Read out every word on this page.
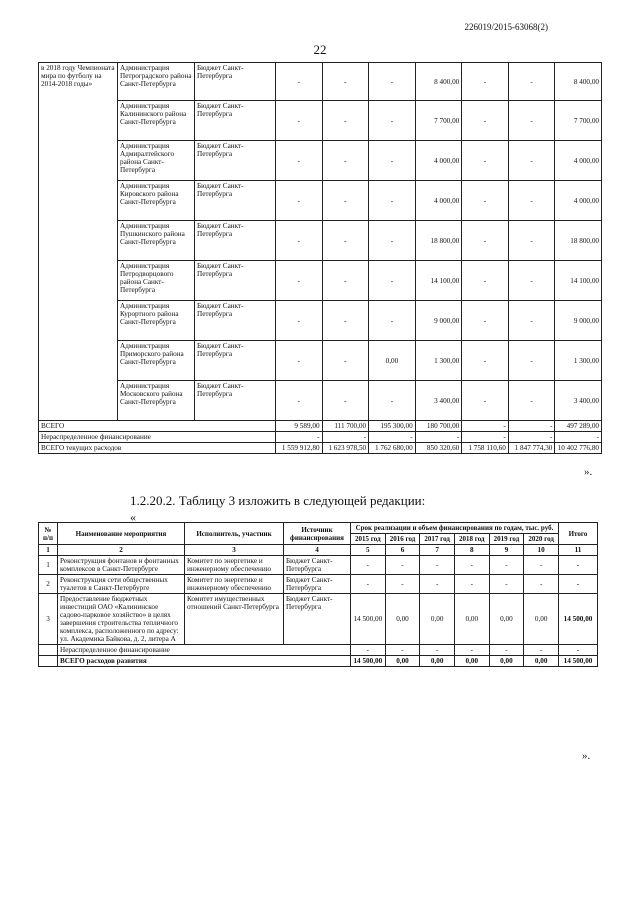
226019/2015-63068(2)
22
в 2018 году Чемпионата мира по футболу на 2014-2018 годы»	Администрация Петроградского района Санкт-Петербурга	Бюджет Санкт-Петербурга	-	-	-	8 400,00	-	-	8 400,00
	Администрация Калининского района Санкт-Петербурга	Бюджет Санкт-Петербурга	-	-	-	7 700,00	-	-	7 700,00
	Администрация Адмиралтейского района Санкт-Петербурга	Бюджет Санкт-Петербурга	-	-	-	4 000,00	-	-	4 000,00
	Администрация Кировского района Санкт-Петербурга	Бюджет Санкт-Петербурга	-	-	-	4 000,00	-	-	4 000,00
	Администрация Пушкинского района Санкт-Петербурга	Бюджет Санкт-Петербурга	-	-	-	18 800,00	-	-	18 800,00
	Администрация Петродворцового района Санкт-Петербурга	Бюджет Санкт-Петербурга	-	-	-	14 100,00	-	-	14 100,00
	Администрация Курортного района Санкт-Петербурга	Бюджет Санкт-Петербурга	-	-	-	9 000,00	-	-	9 000,00
	Администрация Приморского района Санкт-Петербурга	Бюджет Санкт-Петербурга	-	-	0,00	1 300,00	-	-	1 300,00
	Администрация Московского района Санкт-Петербурга	Бюджет Санкт-Петербурга	-	-	-	3 400,00	-	-	3 400,00
ВСЕГО			9 589,00	111 700,00	195 300,00	180 700,00	-	-	497 289,00
Нераспределенное финансирование			-	-	-	-	-	-	-
ВСЕГО текущих расходов			1 559 912,80	1 623 978,50	1 762 680,00	850 320,60	1 758 110,60	1 847 774,30	10 402 776,80
».
1.2.20.2. Таблицу 3 изложить в следующей редакции:
«
№ п/п	Наименование мероприятия	Исполнитель, участник	Источник финансирования	Срок реализации и объем финансирования по годам, тыс. руб.						Итого
				2015 год	2016 год	2017 год	2018 год	2019 год	2020 год	
1	2	3	4	5	6	7	8	9	10	11
1	Реконструкция фонтанов и фонтанных комплексов в Санкт-Петербурге	Комитет по энергетике и инженерному обеспечению	Бюджет Санкт-Петербурга	-	-	-	-	-	-	-
2	Реконструкция сети общественных туалетов в Санкт-Петербурге	Комитет по энергетике и инженерному обеспечению	Бюджет Санкт-Петербурга	-	-	-	-	-	-	-
3	Предоставление бюджетных инвестиций ОАО «Калининское садово-парковое хозяйство» в целях завершения строительства тепличного комплекса, расположенного по адресу: ул. Академика Байкова, д. 2, литера А	Комитет имущественных отношений Санкт-Петербурга	Бюджет Санкт-Петербурга	14 500,00	0,00	0,00	0,00	0,00	0,00	14 500,00
	Нераспределенное финансирование			-	-	-	-	-	-	-
	ВСЕГО расходов развития			14 500,00	0,00	0,00	0,00	0,00	0,00	14 500,00
».
